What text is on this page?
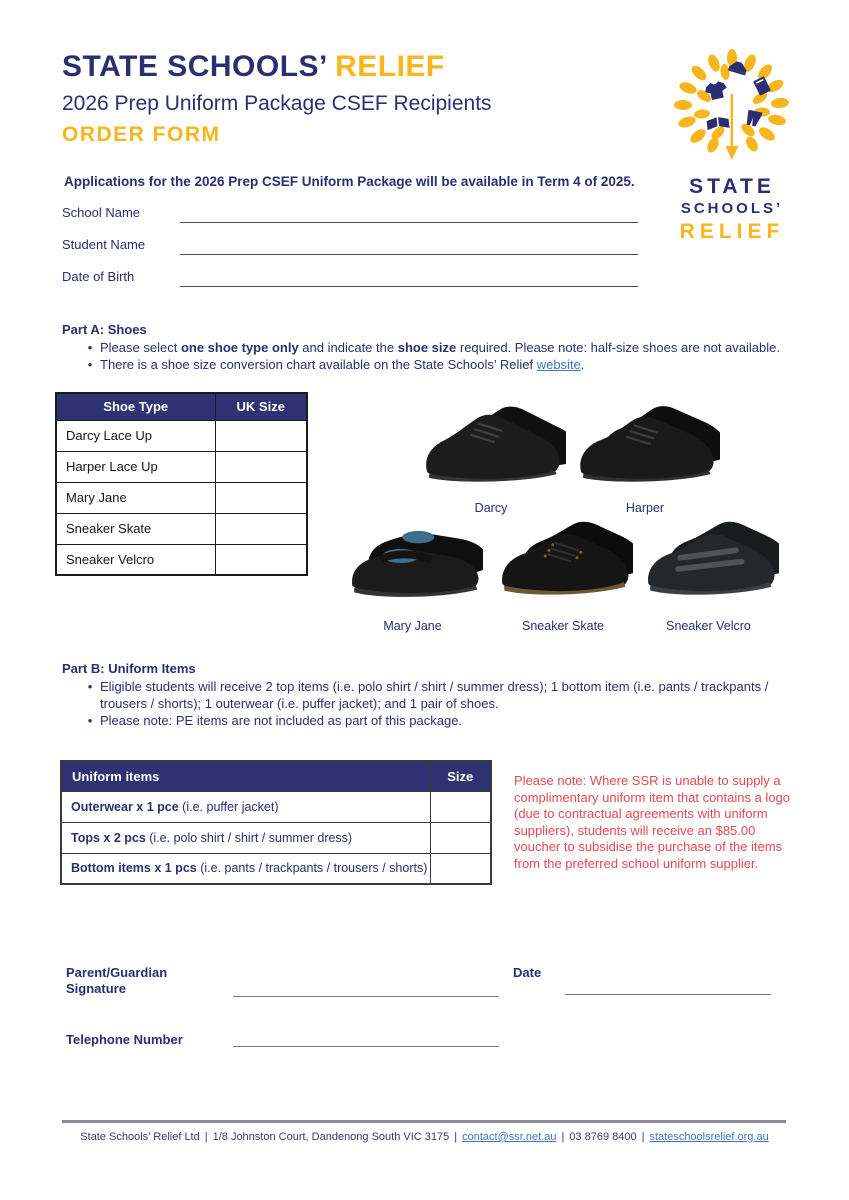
STATE SCHOOLS’ RELIEF
2026 Prep Uniform Package CSEF Recipients
ORDER FORM
Applications for the 2026 Prep CSEF Uniform Package will be available in Term 4 of 2025.	STATE
SCHOOLS’
RELIEF
School Name
Student Name
Date of Birth
Part A: Shoes
• Please select one shoe type only and indicate the shoe size required. Please note: half-size shoes are not available.
• There is a shoe size conversion chart available on the State Schools’ Relief website.
Shoe Type	UK Size
Darcy Lace Up	
Harper Lace Up	
Mary Jane	
Sneaker Skate	
Sneaker Velcro	
Darcy	Harper
Mary Jane	Sneaker Skate	Sneaker Velcro
Part B: Uniform Items
• Eligible students will receive 2 top items (i.e. polo shirt / shirt / summer dress); 1 bottom item (i.e. pants / trackpants / trousers / shorts); 1 outerwear (i.e. puffer jacket); and 1 pair of shoes.
• Please note: PE items are not included as part of this package.
Uniform items	Size
Outerwear x 1 pce (i.e. puffer jacket)	
Tops x 2 pcs (i.e. polo shirt / shirt / summer dress)	
Bottom items x 1 pcs (i.e. pants / trackpants / trousers / shorts)	
Please note: Where SSR is unable to supply a complimentary uniform item that contains a logo (due to contractual agreements with uniform suppliers), students will receive an $85.00 voucher to subsidise the purchase of the items from the preferred school uniform supplier.
Parent/Guardian
Signature
Date
Telephone Number
State Schools’ Relief Ltd | 1/8 Johnston Court, Dandenong South VIC 3175 | contact@ssr.net.au | 03 8769 8400 | stateschoolsrelief.org.au
